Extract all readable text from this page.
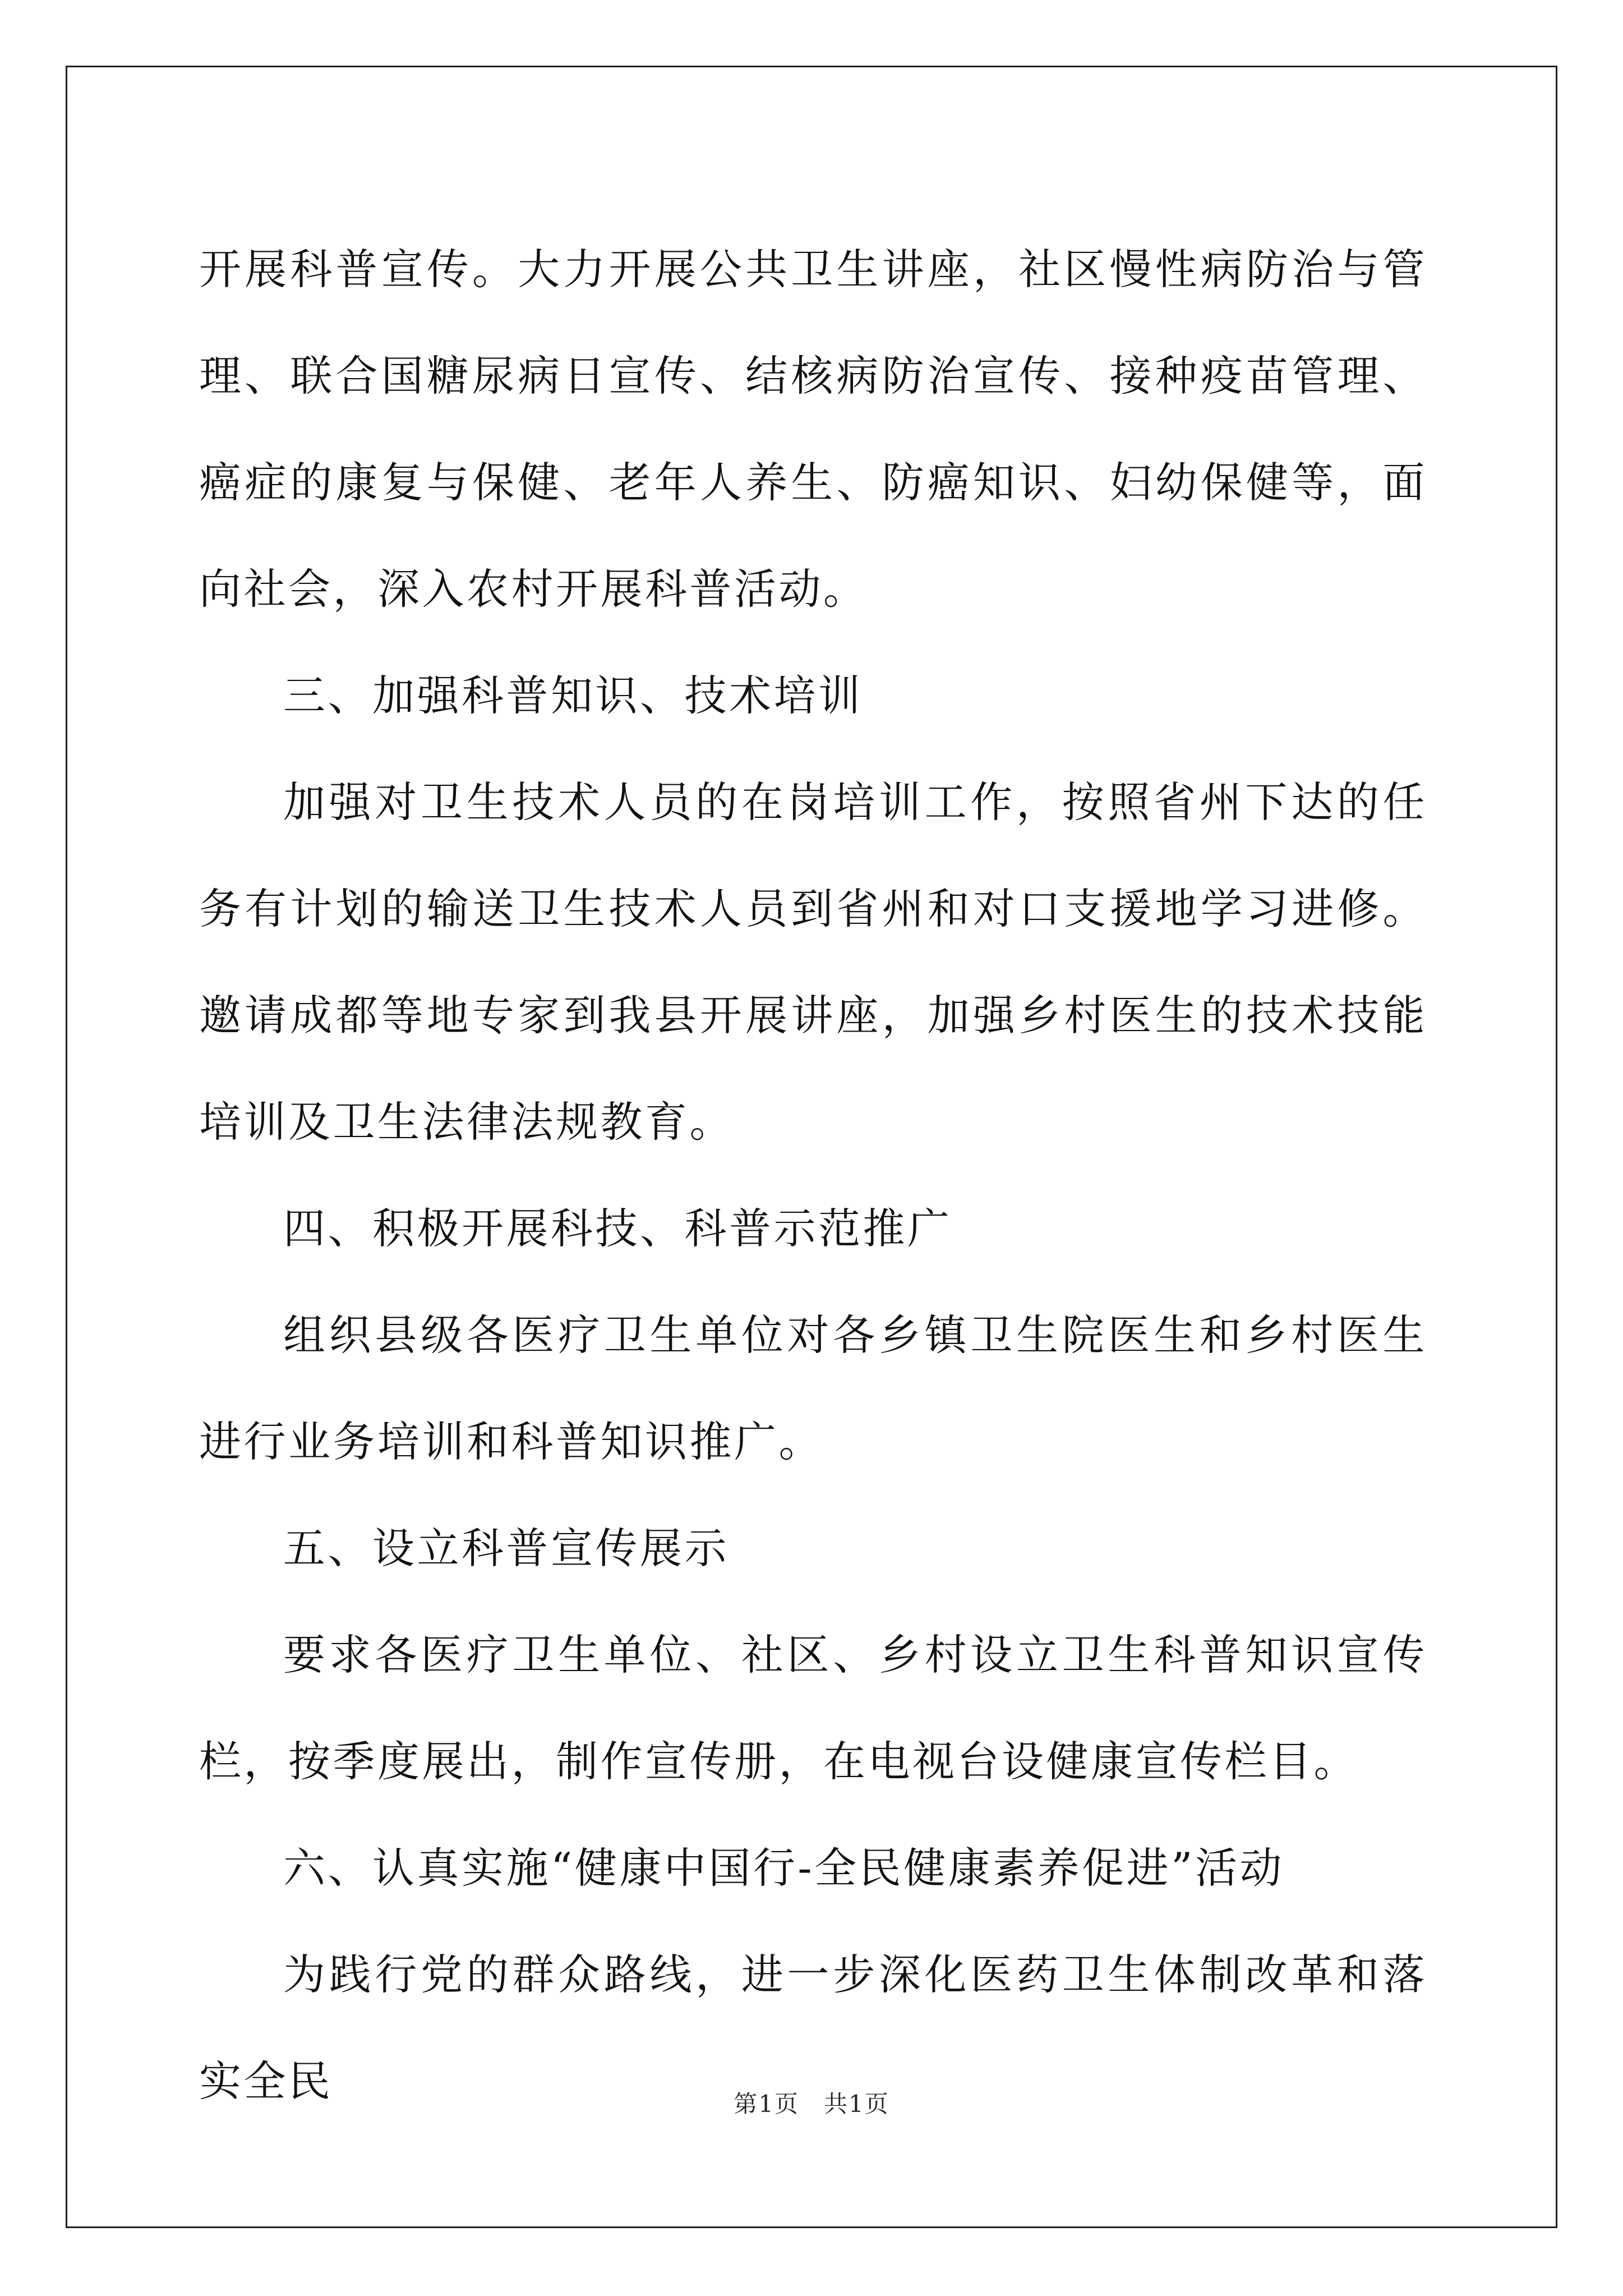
开展科普宣传。大力开展公共卫生讲座，社区慢性病防治与管理、联合国糖尿病日宣传、结核病防治宣传、接种疫苗管理、癌症的康复与保健、老年人养生、防癌知识、妇幼保健等，面向社会，深入农村开展科普活动。

三、加强科普知识、技术培训

加强对卫生技术人员的在岗培训工作，按照省州下达的任务有计划的输送卫生技术人员到省州和对口支援地学习进修。邀请成都等地专家到我县开展讲座，加强乡村医生的技术技能培训及卫生法律法规教育。

四、积极开展科技、科普示范推广

组织县级各医疗卫生单位对各乡镇卫生院医生和乡村医生进行业务培训和科普知识推广。

五、设立科普宣传展示

要求各医疗卫生单位、社区、乡村设立卫生科普知识宣传栏，按季度展出，制作宣传册，在电视台设健康宣传栏目。

六、认真实施“健康中国行-全民健康素养促进”活动

为践行党的群众路线，进一步深化医药卫生体制改革和落实全民	第1页　共1页
